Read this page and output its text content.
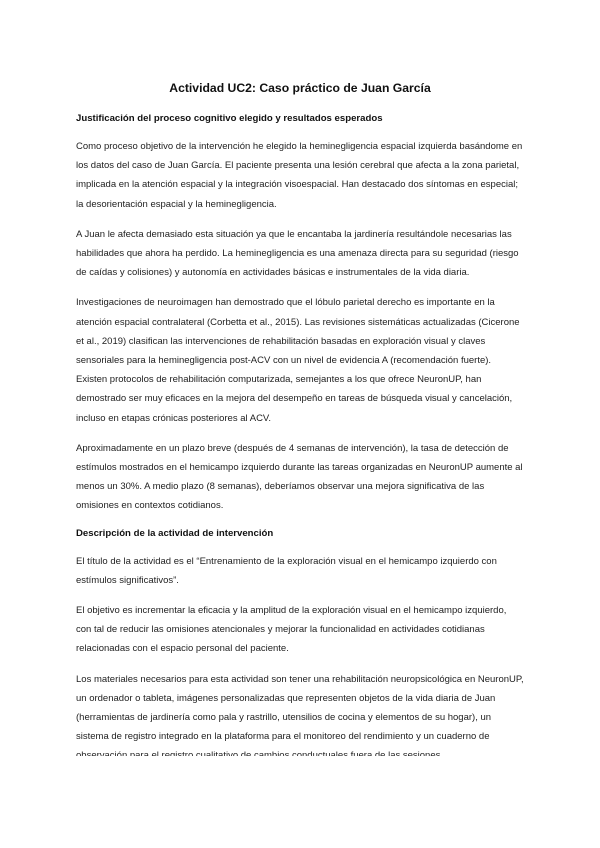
Actividad UC2: Caso práctico de Juan García
Justificación del proceso cognitivo elegido y resultados esperados

Como proceso objetivo de la intervención he elegido la heminegligencia espacial izquierda basándome en los datos del caso de Juan García. El paciente presenta una lesión cerebral que afecta a la zona parietal, implicada en la atención espacial y la integración visoespacial. Han destacado dos síntomas en especial; la desorientación espacial y la heminegligencia.

A Juan le afecta demasiado esta situación ya que le encantaba la jardinería resultándole necesarias las habilidades que ahora ha perdido. La heminegligencia es una amenaza directa para su seguridad (riesgo de caídas y colisiones) y autonomía en actividades básicas e instrumentales de la vida diaria.

Investigaciones de neuroimagen han demostrado que el lóbulo parietal derecho es importante en la atención espacial contralateral (Corbetta et al., 2015). Las revisiones sistemáticas actualizadas (Cicerone et al., 2019) clasifican las intervenciones de rehabilitación basadas en exploración visual y claves sensoriales para la heminegligencia post-ACV con un nivel de evidencia A (recomendación fuerte). Existen protocolos de rehabilitación computarizada, semejantes a los que ofrece NeuronUP, han demostrado ser muy eficaces en la mejora del desempeño en tareas de búsqueda visual y cancelación, incluso en etapas crónicas posteriores al ACV.

Aproximadamente en un plazo breve (después de 4 semanas de intervención), la tasa de detección de estímulos mostrados en el hemicampo izquierdo durante las tareas organizadas en NeuronUP aumente al menos un 30%. A medio plazo (8 semanas), deberíamos observar una mejora significativa de las omisiones en contextos cotidianos.

Descripción de la actividad de intervención

El título de la actividad es el “Entrenamiento de la exploración visual en el hemicampo izquierdo con estímulos significativos”.

El objetivo es incrementar la eficacia y la amplitud de la exploración visual en el hemicampo izquierdo, con tal de reducir las omisiones atencionales y mejorar la funcionalidad en actividades cotidianas relacionadas con el espacio personal del paciente.

Los materiales necesarios para esta actividad son tener una rehabilitación neuropsicológica en NeuronUP, un ordenador o tableta, imágenes personalizadas que representen objetos de la vida diaria de Juan (herramientas de jardinería como pala y rastrillo, utensilios de cocina y elementos de su hogar), un sistema de registro integrado en la plataforma para el monitoreo del rendimiento y un cuaderno de
